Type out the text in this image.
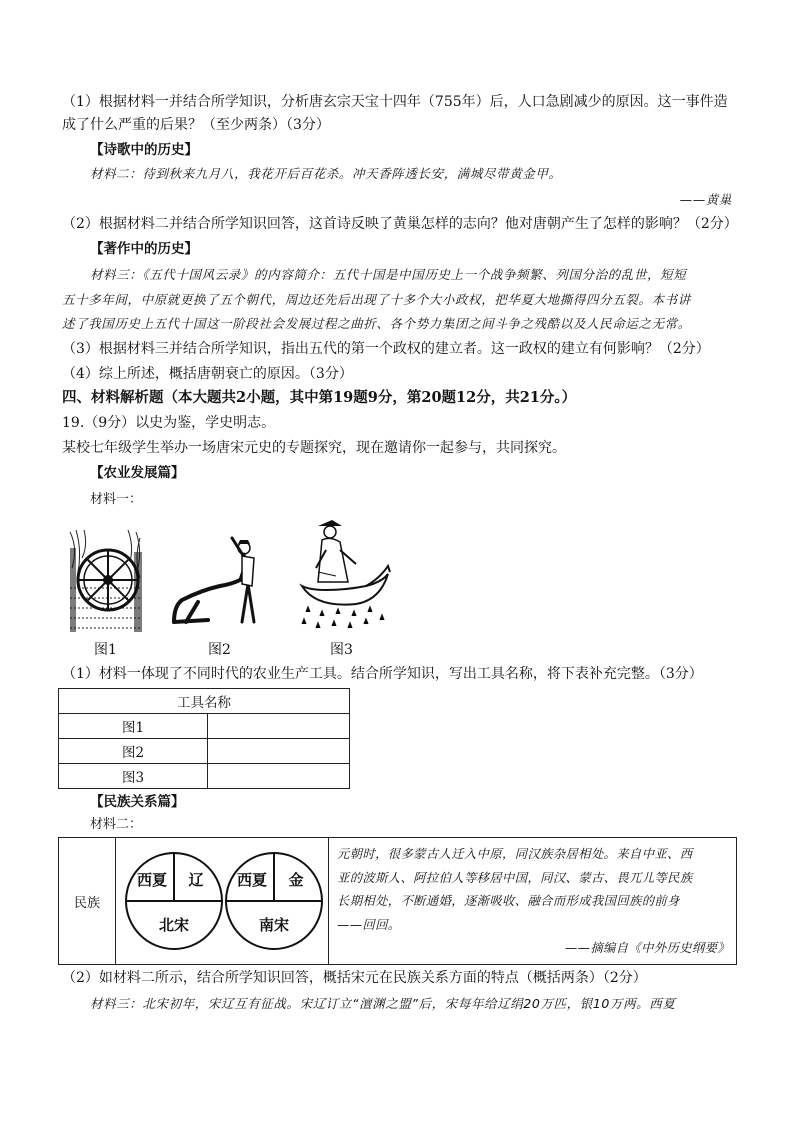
（1）根据材料一并结合所学知识，分析唐玄宗天宝十四年（755年）后，人口急剧减少的原因。这一事件造
成了什么严重的后果？（至少两条）（3分）
【诗歌中的历史】
材料二：待到秋来九月八，我花开后百花杀。冲天香阵透长安，满城尽带黄金甲。
——黄巢
（2）根据材料二并结合所学知识回答，这首诗反映了黄巢怎样的志向？他对唐朝产生了怎样的影响？（2分）
【著作中的历史】
材料三：《五代十国风云录》的内容简介：五代十国是中国历史上一个战争频繁、列国分治的乱世，短短
五十多年间，中原就更换了五个朝代，周边还先后出现了十多个大小政权，把华夏大地撕得四分五裂。本书讲
述了我国历史上五代十国这一阶段社会发展过程之曲折、各个势力集团之间斗争之残酷以及人民命运之无常。
（3）根据材料三并结合所学知识，指出五代的第一个政权的建立者。这一政权的建立有何影响？（2分）
（4）综上所述，概括唐朝衰亡的原因。（3分）
四、材料解析题（本大题共2小题，其中第19题9分，第20题12分，共21分。）
19.（9分）以史为鉴，学史明志。
某校七年级学生举办一场唐宋元史的专题探究，现在邀请你一起参与，共同探究。
【农业发展篇】
材料一：
图1	图2	图3
（1）材料一体现了不同时代的农业生产工具。结合所学知识，写出工具名称，将下表补充完整。（3分）
工具名称	
图1	
图2	
图3	
【民族关系篇】
材料二：
民族	
西夏 辽
北宋
西夏 金
南宋

元朝时，很多蒙古人迁入中原，同汉族杂居相处。来自中亚、西
亚的波斯人、阿拉伯人等移居中国，同汉、蒙古、畏兀儿等民族
长期相处，不断通婚，逐渐吸收、融合而形成我国回族的前身
——回回。
——摘编自《中外历史纲要》
（2）如材料二所示，结合所学知识回答，概括宋元在民族关系方面的特点（概括两条）（2分）
材料三：北宋初年，宋辽互有征战。宋辽订立“澶渊之盟”后，宋每年给辽绢20万匹，银10万两。西夏
